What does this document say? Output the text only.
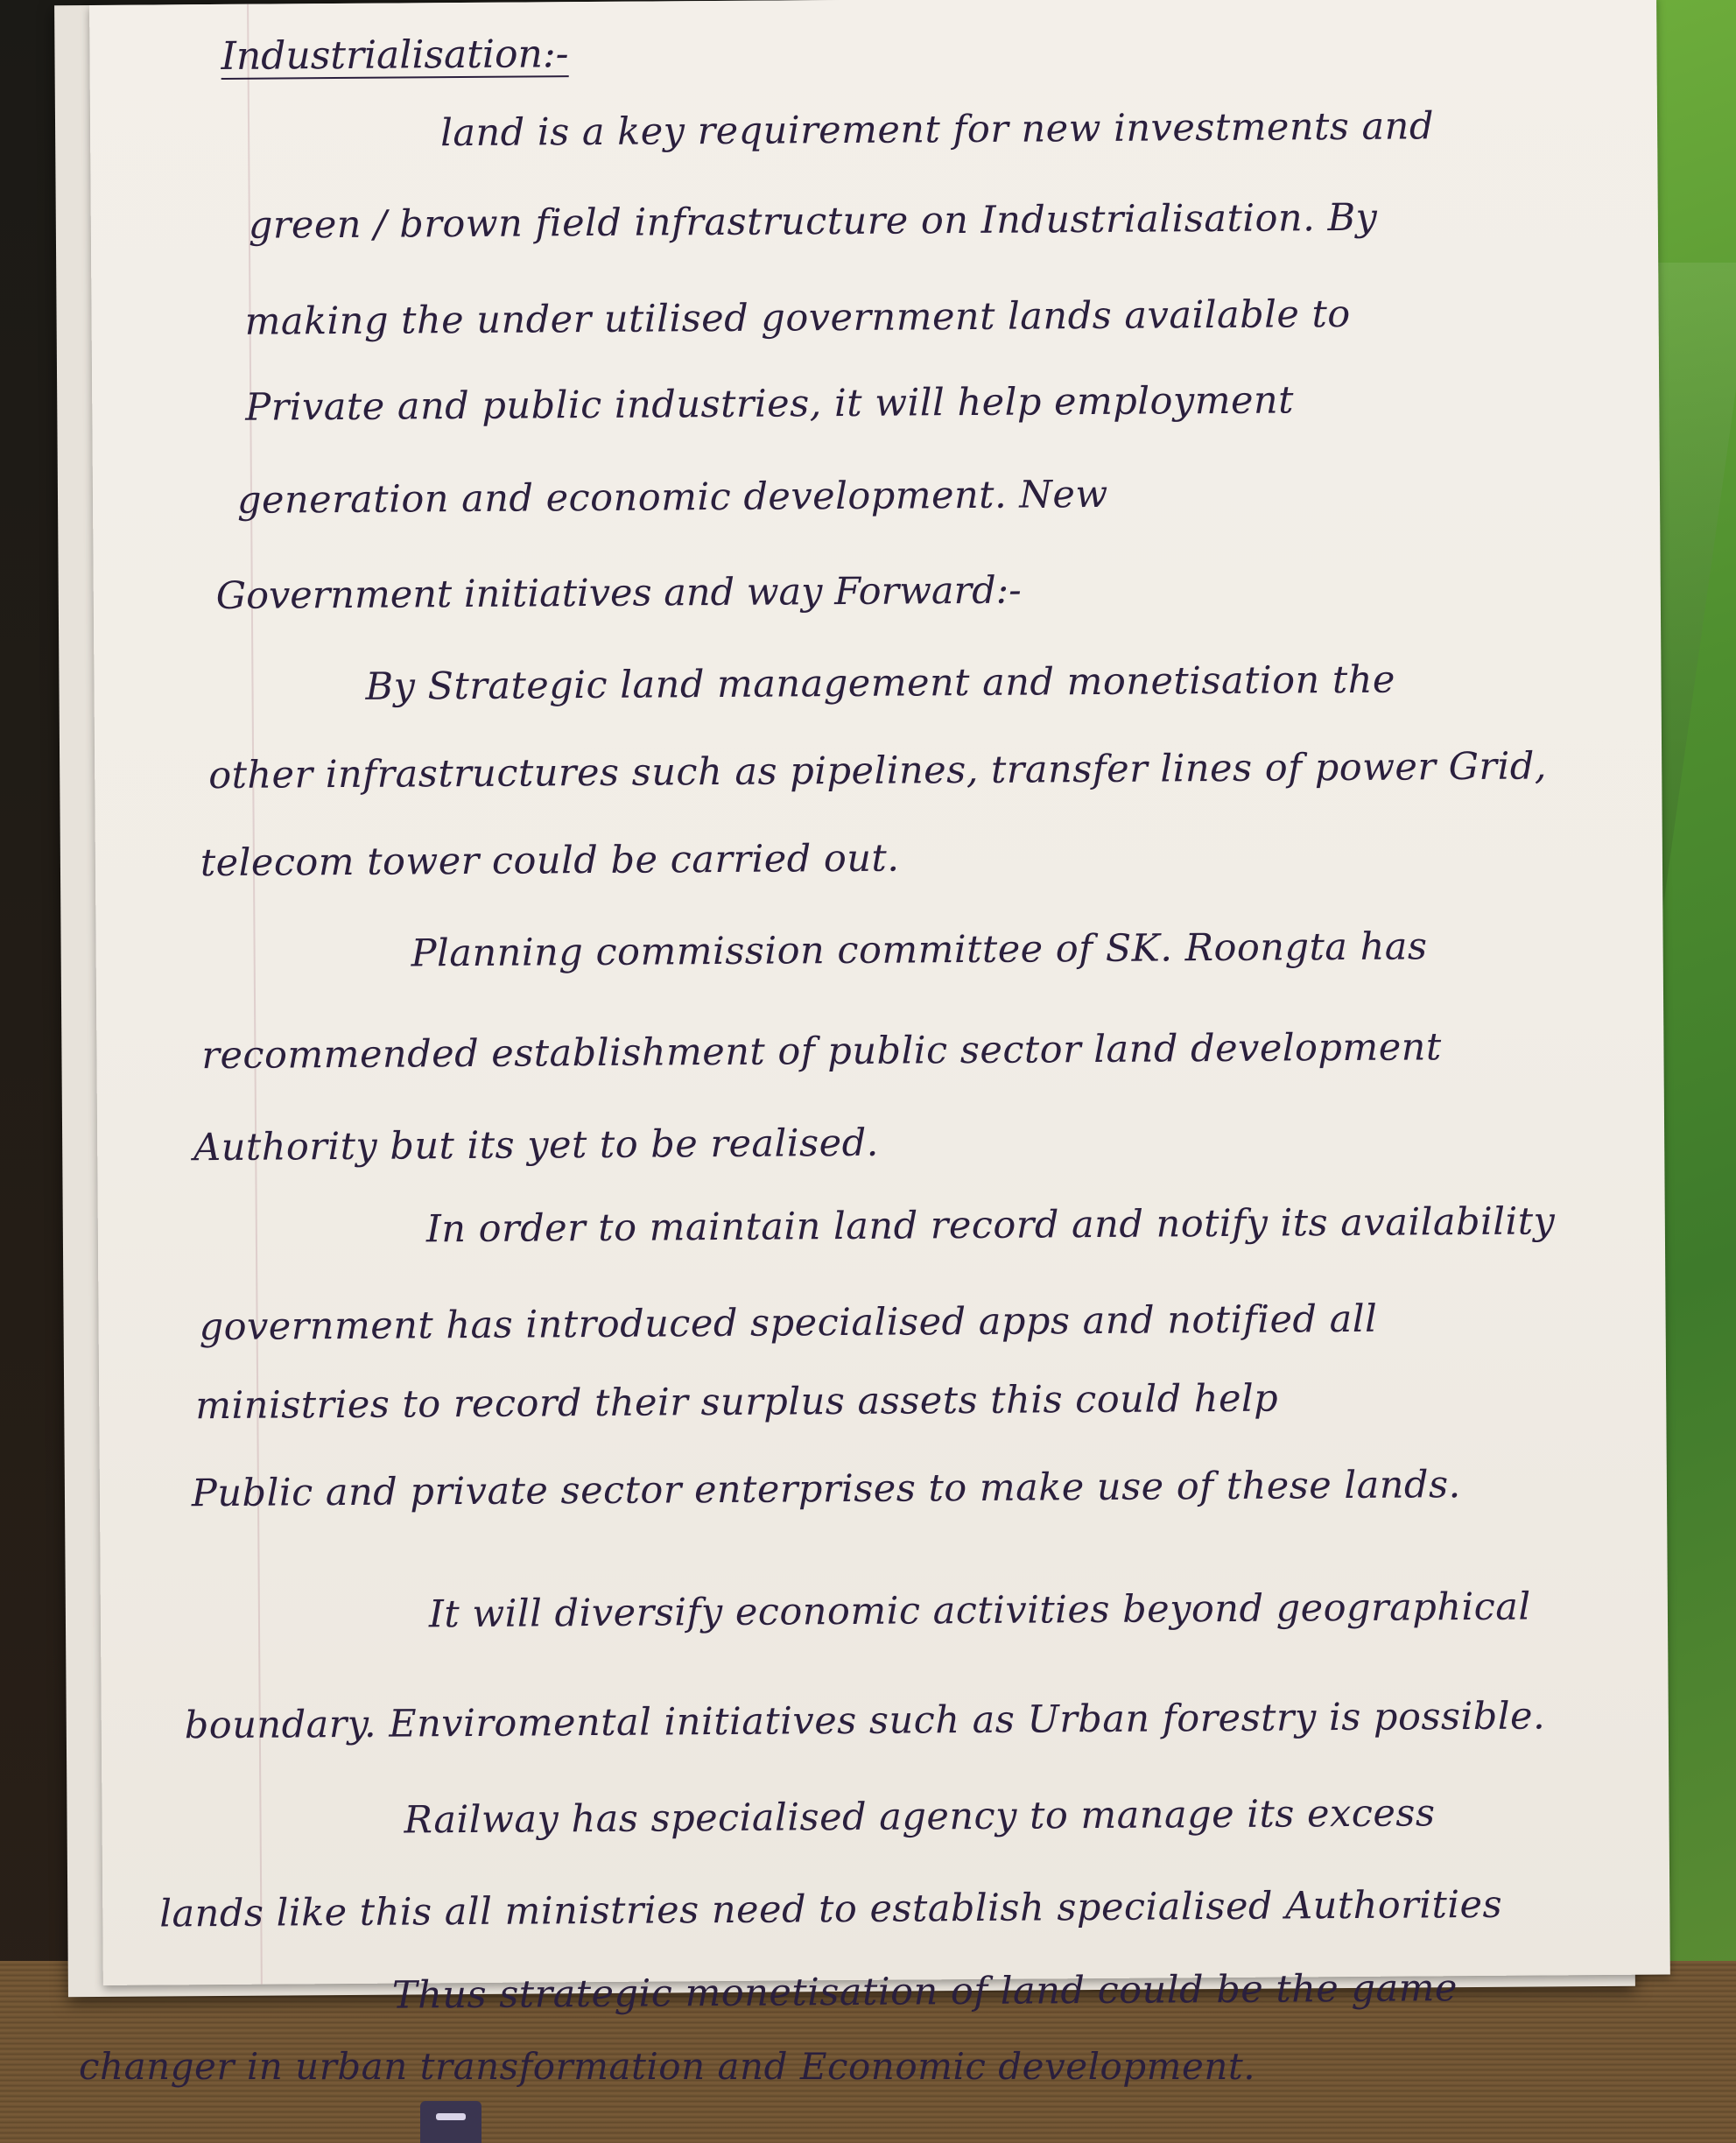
Industrialisation:-
land is a key requirement for new investments and
green / brown field infrastructure on Industrialisation. By
making the under utilised government lands available to
Private and public industries, it will help employment
generation and economic development. New
Government initiatives and way Forward:-
By Strategic land management and monetisation the
other infrastructures such as pipelines, transfer lines of power Grid,
telecom tower could be carried out.
Planning commission committee of SK. Roongta has
recommended establishment of public sector land development
Authority but its yet to be realised.
In order to maintain land record and notify its availability
government has introduced specialised apps and notified all
ministries to record their surplus assets this could help
Public and private sector enterprises to make use of these lands.
It will diversify economic activities beyond geographical
boundary. Enviromental initiatives such as Urban forestry is possible.
Railway has specialised agency to manage its excess
lands like this all ministries need to establish specialised Authorities
Thus strategic monetisation of land could be the game
changer in urban transformation and Economic development.
